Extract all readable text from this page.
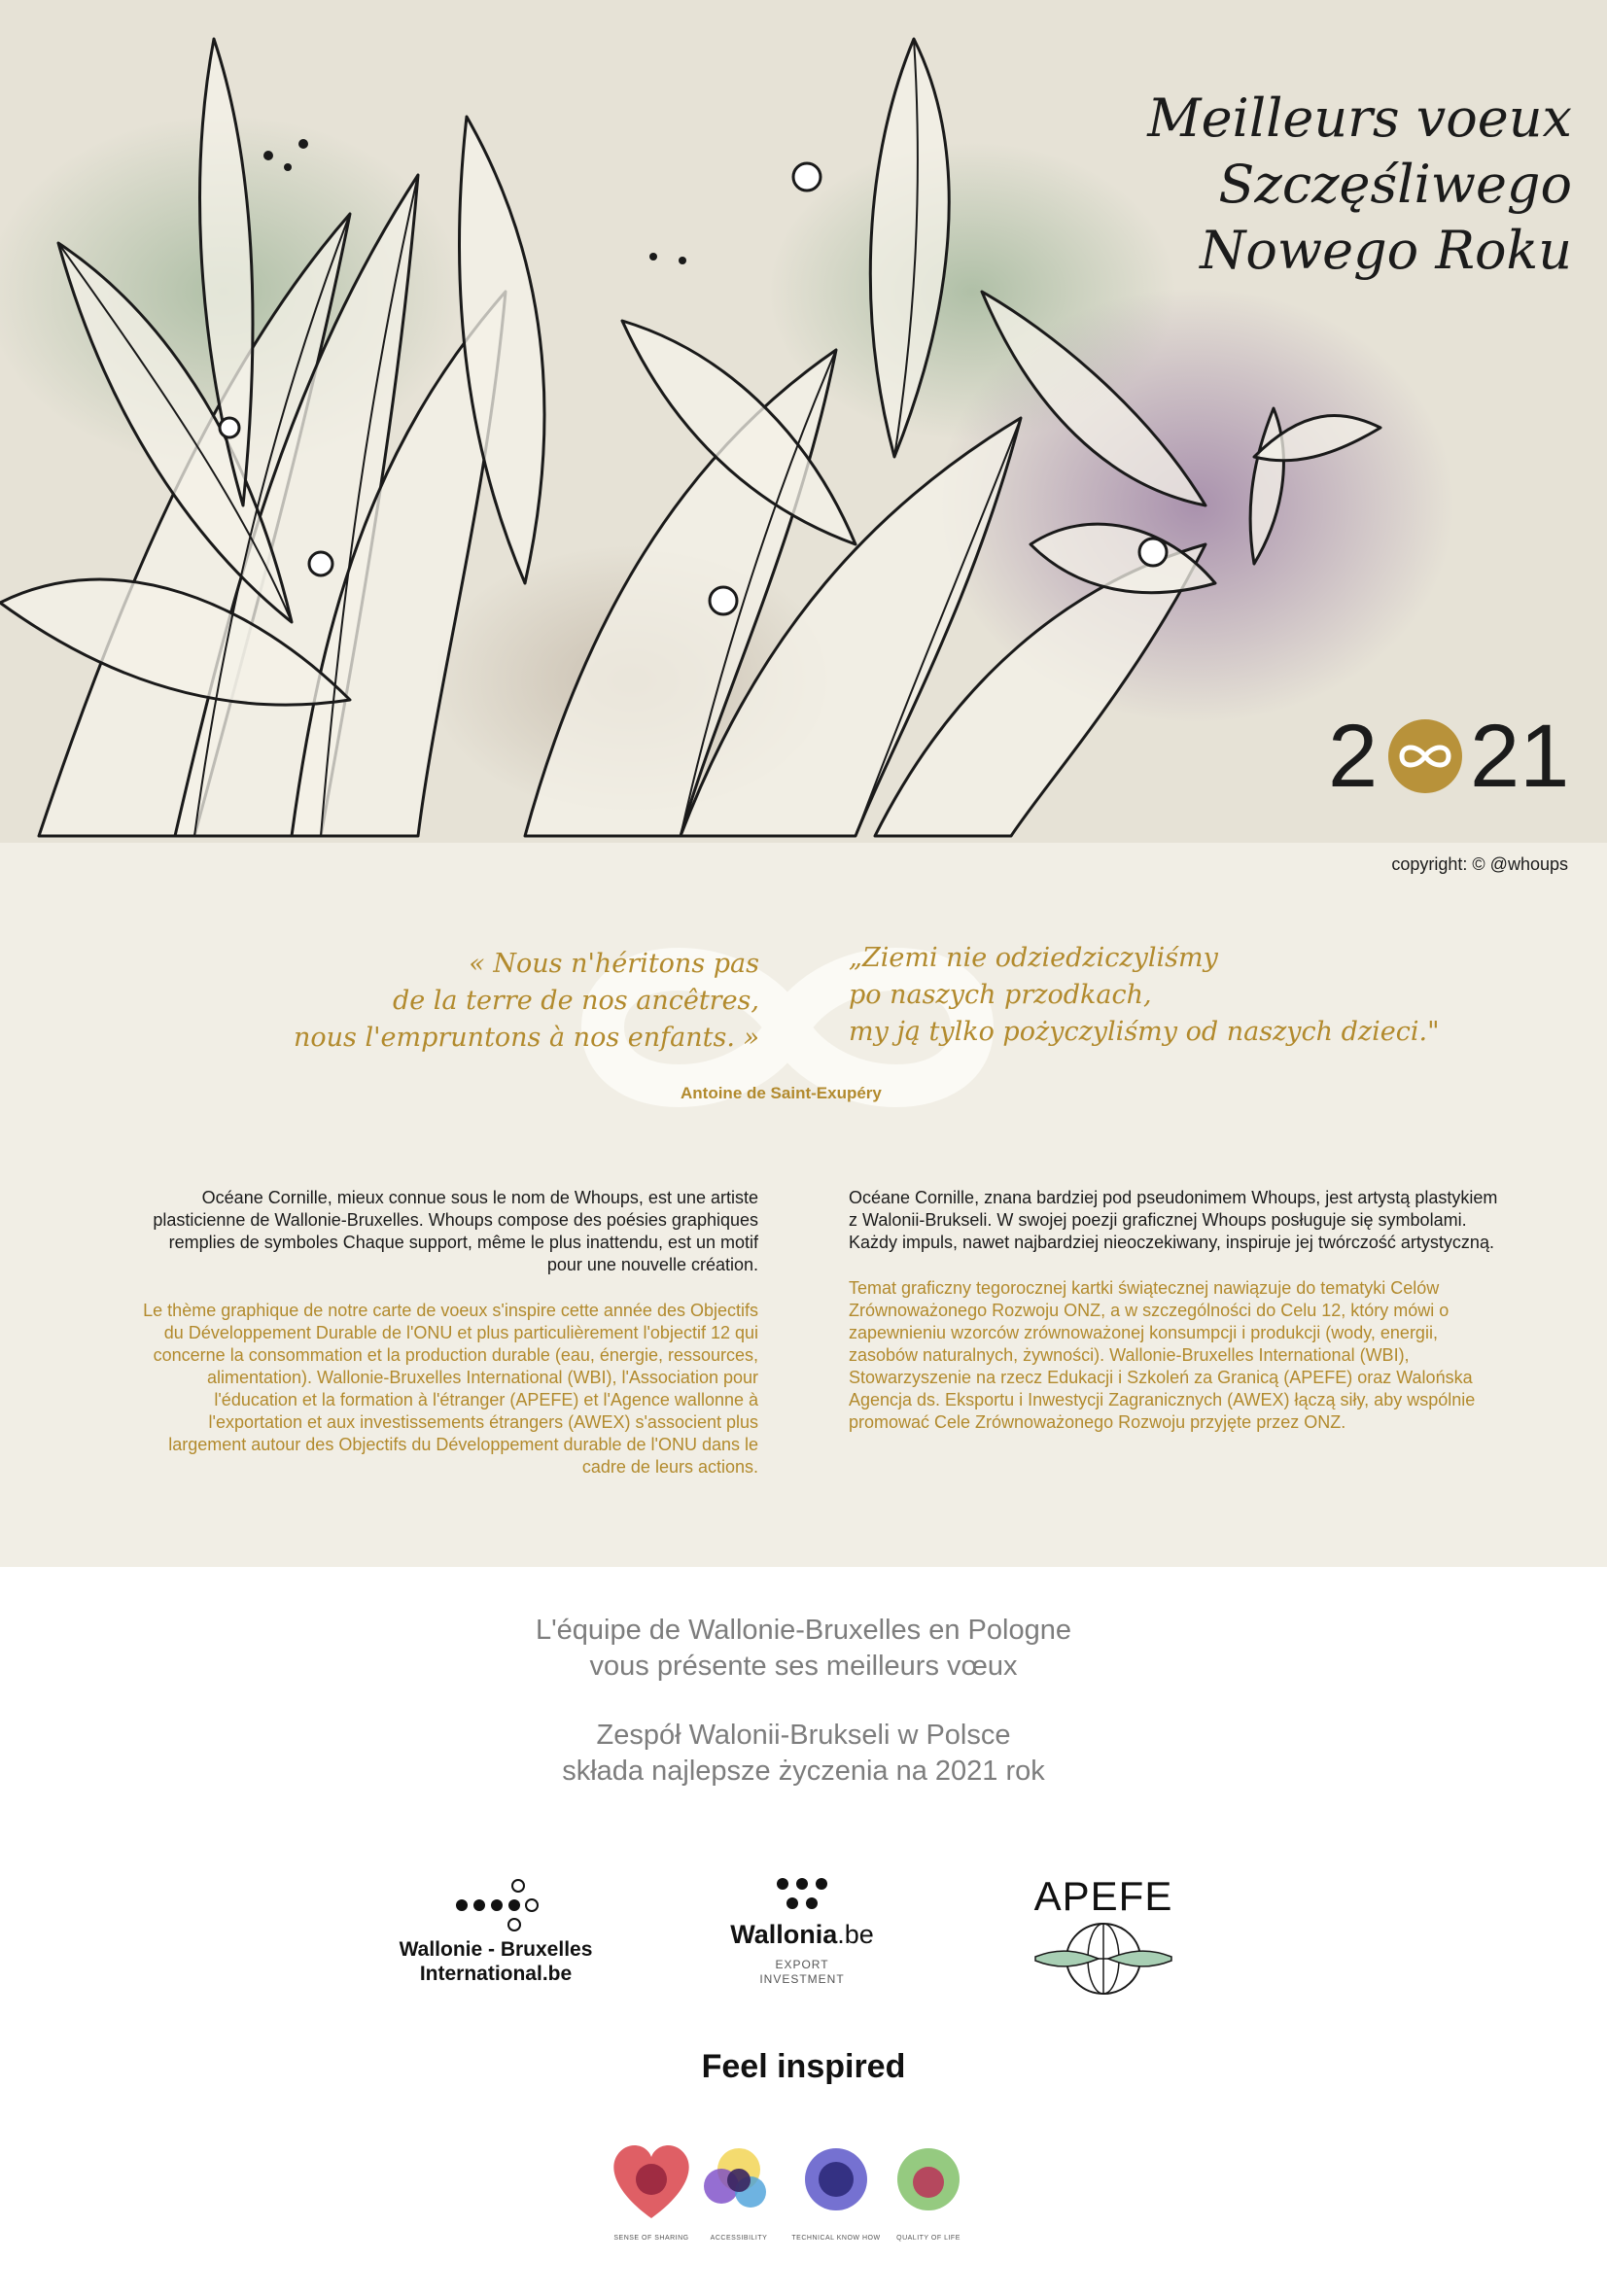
Meilleurs voeux
Szczęśliwego
Nowego Roku
2 21
copyright: © @whoups
« Nous n'héritons pas
de la terre de nos ancêtres,
nous l'empruntons à nos enfants. »
„Ziemi nie odziedziczyliśmy
po naszych przodkach,
my ją tylko pożyczyliśmy od naszych dzieci."
Antoine de Saint-Exupéry

Océane Cornille, mieux connue sous le nom de Whoups, est une artiste plasticienne de Wallonie-Bruxelles. Whoups compose des poésies graphiques remplies de symboles Chaque support, même le plus inattendu, est un motif pour une nouvelle création.

Le thème graphique de notre carte de voeux s'inspire cette année des Objectifs du Développement Durable de l'ONU et plus particulièrement l'objectif 12 qui concerne la consommation et la production durable (eau, énergie, ressources, alimentation). Wallonie-Bruxelles International (WBI), l'Association pour l'éducation et la formation à l'étranger (APEFE) et l'Agence wallonne à l'exportation et aux investissements étrangers (AWEX) s'associent plus largement autour des Objectifs du Développement durable de l'ONU dans le cadre de leurs actions.

Océane Cornille, znana bardziej pod pseudonimem Whoups, jest artystą plastykiem z Walonii-Brukseli. W swojej poezji graficznej Whoups posługuje się symbolami. Każdy impuls, nawet najbardziej nieoczekiwany, inspiruje jej twórczość artystyczną.

Temat graficzny tegorocznej kartki świątecznej nawiązuje do tematyki Celów Zrównoważonego Rozwoju ONZ, a w szczególności do Celu 12, który mówi o zapewnieniu wzorców zrównoważonej konsumpcji i produkcji (wody, energii, zasobów naturalnych, żywności). Wallonie-Bruxelles International (WBI), Stowarzyszenie na rzecz Edukacji i Szkoleń za Granicą (APEFE) oraz Walońska Agencja ds. Eksportu i Inwestycji Zagranicznych (AWEX) łączą siły, aby wspólnie promować Cele Zrównoważonego Rozwoju przyjęte przez ONZ.

L'équipe de Wallonie-Bruxelles en Pologne
vous présente ses meilleurs vœux
Zespół Walonii-Brukseli w Polsce
składa najlepsze życzenia na 2021 rok
Wallonie - Bruxelles
International.be
Wallonia.be
EXPORT
INVESTMENT
APEFE
Feel inspired
SENSE OF SHARING	ACCESSIBILITY	TECHNICAL KNOW HOW	QUALITY OF LIFE
